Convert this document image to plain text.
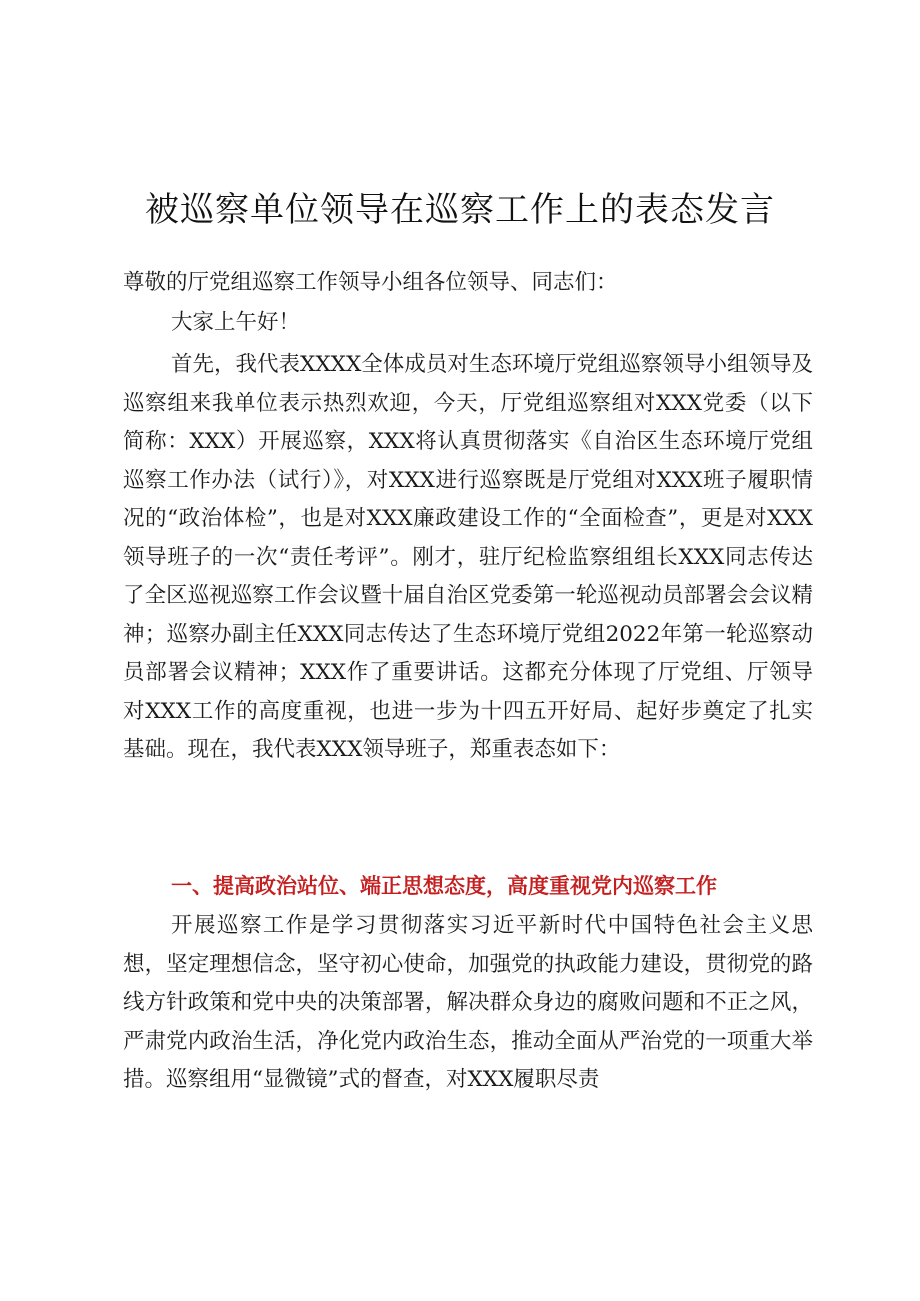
被巡察单位领导在巡察工作上的表态发言

尊敬的厅党组巡察工作领导小组各位领导、同志们：

大家上午好！

首先，我代表XXXX全体成员对生态环境厅党组巡察领导小组领导及巡察组来我单位表示热烈欢迎，今天，厅党组巡察组对XXX党委（以下简称：XXX）开展巡察，XXX将认真贯彻落实《自治区生态环境厅党组巡察工作办法（试行）》，对XXX进行巡察既是厅党组对XXX班子履职情况的“政治体检”，也是对XXX廉政建设工作的“全面检查”，更是对XXX领导班子的一次“责任考评”。刚才，驻厅纪检监察组组长XXX同志传达了全区巡视巡察工作会议暨十届自治区党委第一轮巡视动员部署会会议精神；巡察办副主任XXX同志传达了生态环境厅党组2022年第一轮巡察动员部署会议精神；XXX作了重要讲话。这都充分体现了厅党组、厅领导对XXX工作的高度重视，也进一步为十四五开好局、起好步奠定了扎实基础。现在，我代表XXX领导班子，郑重表态如下：

一、提高政治站位、端正思想态度，高度重视党内巡察工作

开展巡察工作是学习贯彻落实习近平新时代中国特色社会主义思想，坚定理想信念，坚守初心使命，加强党的执政能力建设，贯彻党的路线方针政策和党中央的决策部署，解决群众身边的腐败问题和不正之风，严肃党内政治生活，净化党内政治生态，推动全面从严治党的一项重大举措。巡察组用“显微镜”式的督查，对XXX履职尽责
